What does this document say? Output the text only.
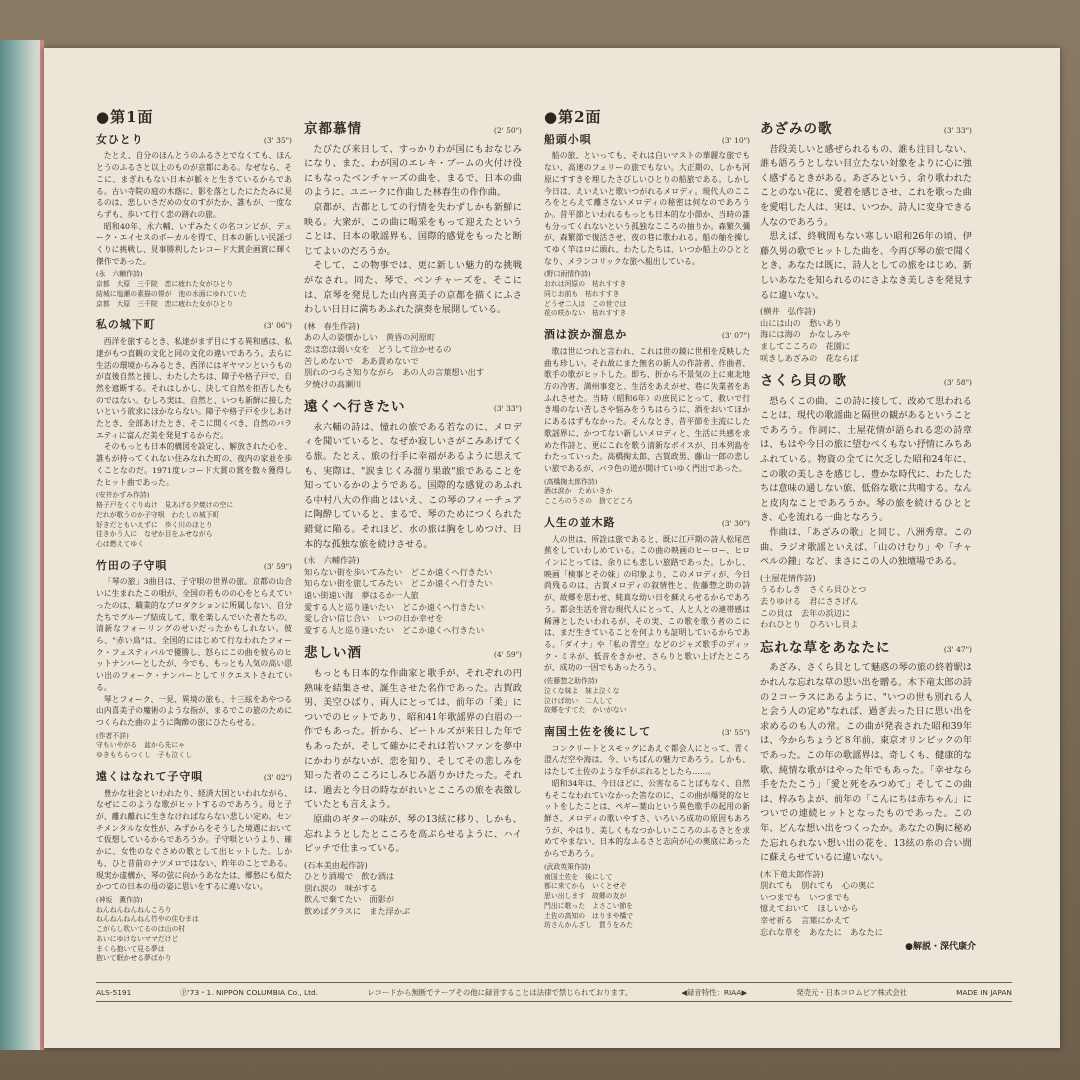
●第1面
女ひとり	(3' 35")

たとえ、自分のほんとうのふるさとでなくても、ほんとうのふるさと以上のものが京都にある。なぜなら、そこに、まぎれもない日本が脈々と生きているからである。古い寺院の庭の木蔭に、影を落としたにたたみに見るのは、悲しいさだめの女のすがたか、誰もが、一度ならずも、歩いて行く恋の跡れの旅。

昭和40年、永六輔、いずみたくの名コンビが、デューク・エイセスのボーカルを得て、日本の新しい民謡づくりに挑戦し、見事勝利したレコード大賞企画賞に輝く傑作であった。

(永　六輔作詩)
京都　大原　三千院　恋に疲れた女がひとり
結城に塩瀬の素描の帯が　池の水面にゆれていた
京都　大原　三千院　恋に疲れた女がひとり
私の城下町	(3' 06")

西洋を旅するとき、私達がまず目にする異和感は、私達がもつ直観の文化と同の文化の違いであろう。去らに生活の環境からみるとき、西洋にはギヤマンというものが直後自然と接し、わたしたちは、障子や格子戸で、自然を遮断する。それはしかし、決して自然を拒否したものではない。むしろ実は、自然と、いつも新鮮に接したいという欲求にほかならない。障子や格子戸を少しあけたとき、全部あけたとき、そこに開くべき、自然のバラエティに富んだ美を発見するからだ。

そのもっとも日本的構図を設定し、解放された心を、誰もが持ってくれない住みなれた町の、夜内の家並を歩くことなのだ。1971度レコード大賞の賞を数々獲得したヒット曲であった。

(安井かずみ作詩)
格子戸をくぐりぬけ　見あげる夕焼けの空に
だれが歌うのか子守唄　わたしの城下町
好きだともいえずに　歩く川のほとり
往きかう人に　なぜか目をふせながら
心は燃えてゆく
竹田の子守唄	(3' 59")

「琴の旅」3曲目は、子守唄の世界の旅。京都の山合いに生まれたこの唄が、全国の若ものの心をとらえていったのは、職業的なプロダクションに所属しない、自分たちでグループ結成して、歌を楽しんでいた者たちの、清新なフォーリングのせいだったかもしれない。彼ら、"赤い鳥"は、全国的にはじめて行なわれたフォーク・フェスティバルで優勝し、怒らにこの曲を彼らのヒットナンバーとしたが、今でも、もっとも人気の高い思い出のフォーク・ナンバーとしてリクエストされている。

琴とフォーク、一見、異境の旅も、十三絃をあやつる山内喜美子の魔術のような指が、まるでこの旅のためにつくられた曲のように陶酔の旅にひたらせる。

(作者不詳)
守もいやがる　盆から先にゃ
ゆきもちらつくし　子も泣くし
遠くはなれて子守唄	(3' 02")

豊かな社会といわれたり、経済大国といわれながら、なぜにこのような歌がヒットするのであろう。母と子が、離れ離れに生きなければならない悲しい定め。センチメンタルな女性が、みずからをそうした境遇においてて仮想しているからであろうか。子守唄というより、確かに、女性のなぐさめの歌として出ヒットした。しかも、ひと昔前のナツメロではない、昨年のことである。現実か虚構か、琴の弦に向かうあなたは、郷愁にも似たかつての日本の母の姿に思いをするに違いない。

(神坂　薫作詩)
ねんねんねんねんころり
ねんねんねんねん竹やの住むまは
こがらし吹いてるのは山の村
あいにゆけないママだけど
まくら抱いて見る夢は
抱いて眠かせる夢ばかり
京都慕情	(2' 50")

たびたび来日して、すっかりわが国にもおなじみになり、また、わが国のエレキ・ブームの火付け役にもなったベンチャーズの曲を、まるで、日本の曲のように、ユニークに作曲した林春生の作作曲。

京都が、古都としての行情を失わずしかも新鮮に映る。大衆が、この曲に喝采をもって迎えたということは、日本の歌謡界も、国際的感覚をもったと断じてよいのだろうか。

そして、この物事では、更に新しい魅力的な挑戦がなされ。同た、琴で、ベンチャーズを、そこには、京琴を発見した山内喜美子の京都を描くにふさわしい日日に満ちあふれた演奏を展開している。

(林　春生作詩)
あの人の姿懐かしい　黄昏の河原町
恋は恋は弱い女を　どうして泣かせるの
苦しめないで　ああ責めないで
別れのつらさ知りながら　あの人の言葉想い出す
夕焼けの高瀬川
遠くへ行きたい	(3' 33")

永六輔の詩は、憧れの旅である若なのに、メロディを聞いていると、なぜか寂しいさがこみあげてくる旅。たとえ、旅の行手に幸福があるように思えても、実際は、"涙まじくみ溜り果敢"旅であることを知っているかのようである。国際的な感覚のあふれる中村八大の作曲とはいえ、この琴のフィーチュアに陶酔していると、まるで、琴のためにつくられた錯覚に陥る。それほど、水の旅は胸をしめつけ、日本的な孤独な旅を続けさせる。

(永　六輔作詩)
知らない街を歩いてみたい　どこか遠くへ行きたい
知らない街を旅してみたい　どこか遠くへ行きたい
遠い街遠い海　夢はるか一人旅
愛する人と巡り逢いたい　どこか遠くへ行きたい
愛し合い信じ合い　いつの日か幸せを
愛する人と巡り逢いたい　どこか遠くへ行きたい
悲しい酒	(4' 59")

もっとも日本的な作曲家と歌手が、それぞれの円熟味を結集させ、誕生させた名作であった。古賀政男、美空ひばり、両人にとっては、前年の「柔」についでのヒットであり、昭和41年歌謡界の白眉の一作でもあった。折から、ビートルズが来日した年でもあったが、そして確かにそれは若いファンを夢中にかわりがないが、恋を知り、そしてその悲しみを知った者のこころにしみじみ語りかけたった。それは、過去と今日の時ながれいとこころの旅を表徴していたとも言えよう。

原曲のギターの味が、琴の13絃に移り、しかも、忘れようとしたとこころを高ぶらせるように、ハイピッチで仕まっている。

(石本美由起作詩)
ひとり酒場で　飲む酒は
別れ涙の　味がする
飲んで棄てたい　面影が
飲めばグラスに　また浮かぶ
●第2面
船頭小唄	(3' 10")

船の旅、といっても、それは白いマストの華麗な旅でもない、高速のフェリーの旅でもない。大正期の、しかも河原にすすきを埋したさびしいひとりの船旅である。しかし今日は、えいえいと歌いつがれるメロディ。現代人のこころをとらえて離さないメロディの秘密は何なのであろうか。昔平節といわれるもっとも日本的な小節か、当時の誰も分ってくれないという孤独なこころの抽りか。森繁久彌が、森繁節で復活させ、夜の巷に歌われる。船の舳を操してゆく竿はロに頭れ、わたしたちは、いつか船上のひととなり、メランコリックな旅へ船出している。

(野口雨情作詩)
おれは河原の　枯れすすき
同じお前も　枯れすすき
どうせ二人は　この世では
花の咲かない　枯れすすき
酒は涙か溜息か	(3' 07")

歌は世につれと言われ、これは世の鏡に世相を反映した曲も珍しい。それ故にまた無名の新人の作詩者、作曲者、歌手の歌がヒットした。即ち、折から不景気の上に東北地方の冷害、満州事変と、生活をあえがせ、巷に失業者をあふれさせた。当時（昭和6年）の庶民にとって、救いで行き場のない苦しさや悩みをうちはらうに、酒をおいてほかにあるはずもなかった。そんなとき、昔平節を主流にした歌謡界に、かつてない新しいメロディと、生活に共感を求めた作詩と、更にこれを歌う清新なボイスが、日本列島をわたっていった。高橋掬太郎、古賀政男、藤山一郎の悲しい旅であるが、バラ色の道が開けていゆく門出であった。

(高橋掬太郎作詩)
酒は涙か　ためいきか
こころのうさの　捨てどころ
人生の並木路	(3' 30")

人の世は、所詮は旅であると、既に江戸期の詩人松尾芭蕉をしていわしめている。この曲の映画のヒーロー、ヒロインにとっては、余りにも悲しい旅路であった。しかし、映画「検事とその妹」の印象より、このメロディが、今日尚残るのは、古賀メロディの叙情性と、佐藤惣之助の詩が、故郷を思わせ、純真な幼い日を蘇えらせるからであろう。都会生活を営む現代人にとって、人と人との連帯感は稀薄としたいわれるが、その実、この歌を歌う者のこには、まだ生きていることを何よりも証明しているからである。「ダイナ」や「私の青空」などのジャズ歌手のディック・ミネが、低音をきかせ、さらりと歌い上げたところが、成功の一因でもあったろう。

(佐藤惣之助作詩)
泣くな妹よ　妹よ泣くな
泣けば幼い　二人して
故郷をすてた　かいがない
南国土佐を後にして	(3' 55")

コンクリートとスモッグにあえぐ都会人にとって、青く澄んだ空や海は、今、いちばんの魅力であろう。しかも、はたして土佐のような手がぶれるとしたら……。

昭和34年は、今日ほどに、公害なることばもなく、自然もそこなわれていなかった筈なのに、この曲が爆発的なヒットをしたことは、ペギー葉山という異色歌手の起用の新鮮さ、メロディの歌いやすさ、いろいろ成功の原因もあろうが、やはり、美しくもなつかしいこころのふるさとを求めてやまない、日本的なふるさと志向が心の奥底にあったからであろう。

(武政英策作詩)
南国土佐を　後にして
都に来てから　いくとせぞ
思い出します　故郷の友が
門出に歌った　よさこい節を
土佐の高知の　はりまや橋で
坊さんかんざし　買うをみた
あざみの歌	(3' 33")

昔段美しいと感ぜられるもの、誰も注目しない、誰も語ろうとしない目立たない対象をよりに心に強く感ずるときがある。あざみという、余り歌われたことのない花に、愛着を感じさせ、これを歌った曲を愛唱した人は、実は、いつか、詩人に変身できる人なのであろう。

思えば、終戦間もない寒しい昭和26年の頃、伊藤久男の歌でヒットした曲を、今再び琴の旅で聞くとき、あなたは既に、詩人としての旅をはじめ、新しいあなたを知られるのにさよなき美しさを発見するに違いない。

(横井　弘作詩)
山には山の　愁いあり
海には海の　かなしみや
ましてこころの　花園に
咲きしあざみの　花ならば
さくら貝の歌	(3' 58")

恐らくこの曲、この詩に接して、改めて思われることは、現代の歌謡曲と隔世の観があるということであろう。作詞に、土屋花情が語られる恋の詩章は、もはや今日の旅に望むべくもない抒情にみちあふれている。物資の全てに欠乏した昭和24年に、この歌の美しさを感じし、豊かな時代に、わたしたちは意味の通しない旅、低俗な歌に共鳴する。なんと皮肉なことであろうか。琴の旅を続けるひととき、心を流れる一曲となろう。

作曲は、「あざみの歌」と同じ、八洲秀章。この曲、ラジオ歌謡といえば、「山のけむり」や「チャペルの鐘」など、まさにこの人の独壇場である。

(土屋花情作詩)
うるわしき　さくら貝ひとつ
去りゆける　君にささげん
この貝は　去年の浜辺に
われひとり　ひろいし貝よ
忘れな草をあなたに	(3' 47")

あざみ、さくら貝として魅惑の琴の旅の終着駅はかれんな忘れな草の思い出を贈る。木下竜太郎の詩の２コーラスにあるように、"いつの世も別れる人と会う人の定め"なれば、過ぎ去った日に思い出を求めるのも人の常。この曲が発表された昭和39年は、今からちょうど８年前、東京オリンピックの年であった。この年の歌謡界は、奇しくも、健康的な歌、純情な歌がはやった年でもあった。「幸せなら手をたたこう」「愛と死をみつめて」そしてこの曲は、梓みちよが、前年の「こんにちは赤ちゃん」についでの連続ヒットとなったものであった。この年、どんな想い出をつくったか。あなたの胸に秘めた忘れられない想い出の花を、13絃の糸の合い間に蘇えらせているに違いない。

(木下竜太郎作詩)
別れても　別れても　心の奥に
いつまでも　いつまでも
憶えておいて　ほしいから
幸せ祈る　言葉にかえて
忘れな草を　あなたに　あなたに
●解説・深代康介
ALS-5191	ⓟ'73・1. NIPPON COLUMBIA Co., Ltd.	レコードから無断でテープその他に録音することは法律で禁じられております。	◀録音特性：RIAA▶	発売元・日本コロムビア株式会社	MADE IN JAPAN
